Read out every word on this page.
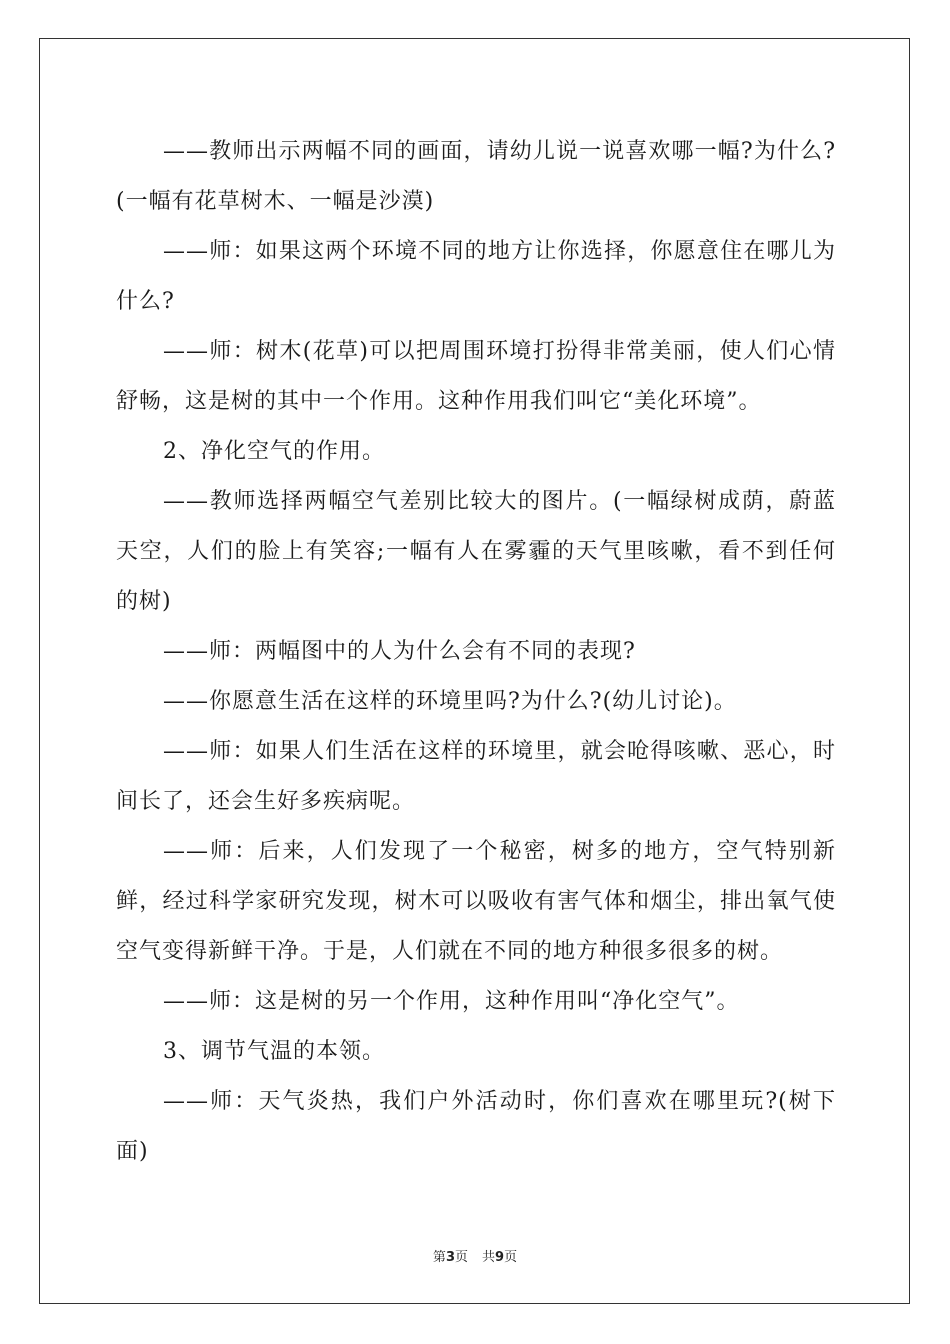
——教师出示两幅不同的画面，请幼儿说一说喜欢哪一幅?为什么?(一幅有花草树木、一幅是沙漠)

——师：如果这两个环境不同的地方让你选择，你愿意住在哪儿为什么?

——师：树木(花草)可以把周围环境打扮得非常美丽，使人们心情舒畅，这是树的其中一个作用。这种作用我们叫它“美化环境”。

2、净化空气的作用。

——教师选择两幅空气差别比较大的图片。(一幅绿树成荫，蔚蓝天空，人们的脸上有笑容;一幅有人在雾霾的天气里咳嗽，看不到任何的树)

——师：两幅图中的人为什么会有不同的表现?

——你愿意生活在这样的环境里吗?为什么?(幼儿讨论)。

——师：如果人们生活在这样的环境里，就会呛得咳嗽、恶心，时间长了，还会生好多疾病呢。

——师：后来，人们发现了一个秘密，树多的地方，空气特别新鲜，经过科学家研究发现，树木可以吸收有害气体和烟尘，排出氧气使空气变得新鲜干净。于是，人们就在不同的地方种很多很多的树。

——师：这是树的另一个作用，这种作用叫“净化空气”。

3、调节气温的本领。

——师：天气炎热，我们户外活动时，你们喜欢在哪里玩?(树下面)

第3页 共9页
